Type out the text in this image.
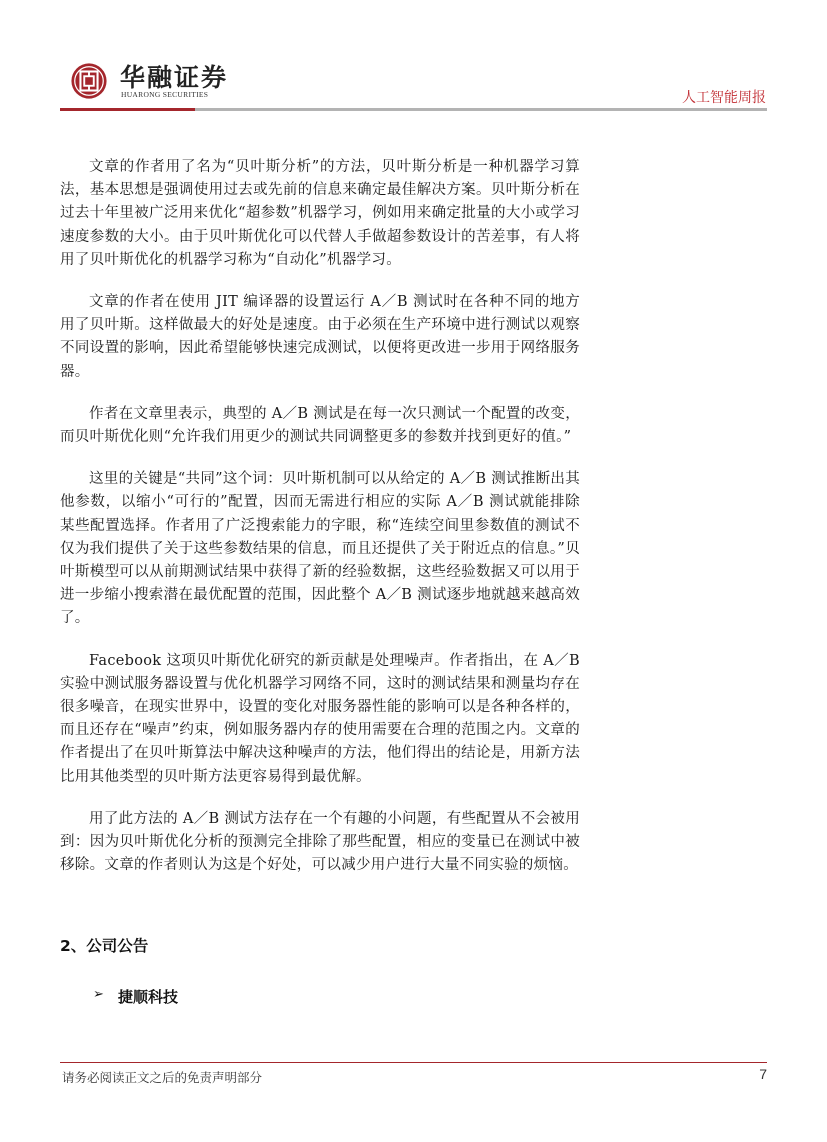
华融证券
HUARONG SECURITIES	人工智能周报

文章的作者用了名为“贝叶斯分析”的方法，贝叶斯分析是一种机器学习算法，基本思想是强调使用过去或先前的信息来确定最佳解决方案。贝叶斯分析在过去十年里被广泛用来优化“超参数”机器学习，例如用来确定批量的大小或学习速度参数的大小。由于贝叶斯优化可以代替人手做超参数设计的苦差事，有人将用了贝叶斯优化的机器学习称为“自动化”机器学习。

文章的作者在使用 JIT 编译器的设置运行 A／B 测试时在各种不同的地方用了贝叶斯。这样做最大的好处是速度。由于必须在生产环境中进行测试以观察不同设置的影响，因此希望能够快速完成测试，以便将更改进一步用于网络服务器。

作者在文章里表示，典型的 A／B 测试是在每一次只测试一个配置的改变，而贝叶斯优化则“允许我们用更少的测试共同调整更多的参数并找到更好的值。”

这里的关键是“共同”这个词：贝叶斯机制可以从给定的 A／B 测试推断出其他参数，以缩小“可行的”配置，因而无需进行相应的实际 A／B 测试就能排除某些配置选择。作者用了广泛搜索能力的字眼，称“连续空间里参数值的测试不仅为我们提供了关于这些参数结果的信息，而且还提供了关于附近点的信息。”贝叶斯模型可以从前期测试结果中获得了新的经验数据，这些经验数据又可以用于进一步缩小搜索潜在最优配置的范围，因此整个 A／B 测试逐步地就越来越高效了。

Facebook 这项贝叶斯优化研究的新贡献是处理噪声。作者指出，在 A／B 实验中测试服务器设置与优化机器学习网络不同，这时的测试结果和测量均存在很多噪音，在现实世界中，设置的变化对服务器性能的影响可以是各种各样的，而且还存在“噪声”约束，例如服务器内存的使用需要在合理的范围之内。文章的作者提出了在贝叶斯算法中解决这种噪声的方法，他们得出的结论是，用新方法比用其他类型的贝叶斯方法更容易得到最优解。

用了此方法的 A／B 测试方法存在一个有趣的小问题，有些配置从不会被用到：因为贝叶斯优化分析的预测完全排除了那些配置，相应的变量已在测试中被移除。文章的作者则认为这是个好处，可以减少用户进行大量不同实验的烦恼。

2、公司公告
➢ 捷顺科技
请务必阅读正文之后的免责声明部分	7
